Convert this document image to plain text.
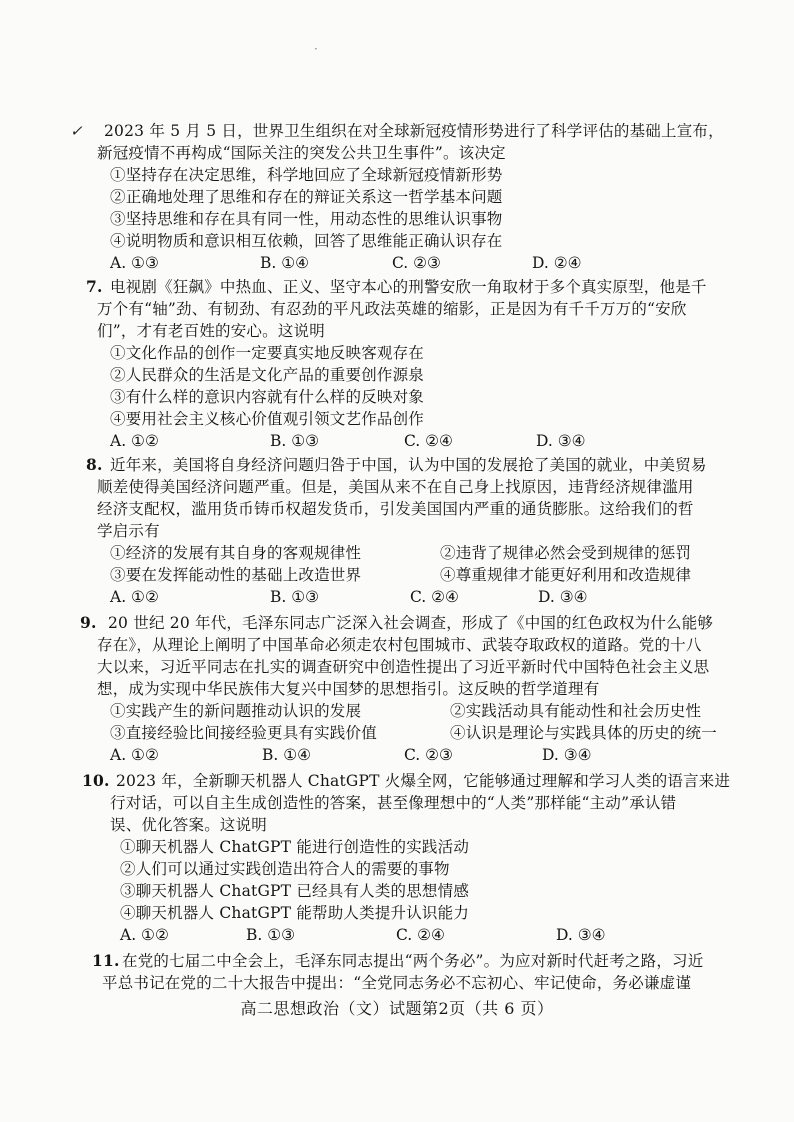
·
✓ 2023 年 5 月 5 日，世界卫生组织在对全球新冠疫情形势进行了科学评估的基础上宣布，
新冠疫情不再构成“国际关注的突发公共卫生事件”。该决定
①坚持存在决定思维，科学地回应了全球新冠疫情新形势
②正确地处理了思维和存在的辩证关系这一哲学基本问题
③坚持思维和存在具有同一性，用动态性的思维认识事物
④说明物质和意识相互依赖，回答了思维能正确认识存在
A. ①③	B. ①④	C. ②③	D. ②④
7. 电视剧《狂飙》中热血、正义、坚守本心的刑警安欣一角取材于多个真实原型，他是千
万个有“轴”劲、有韧劲、有忍劲的平凡政法英雄的缩影，正是因为有千千万万的“安欣
们”，才有老百姓的安心。这说明
①文化作品的创作一定要真实地反映客观存在
②人民群众的生活是文化产品的重要创作源泉
③有什么样的意识内容就有什么样的反映对象
④要用社会主义核心价值观引领文艺作品创作
A. ①②	B. ①③	C. ②④	D. ③④
8. 近年来，美国将自身经济问题归咎于中国，认为中国的发展抢了美国的就业，中美贸易
顺差使得美国经济问题严重。但是，美国从来不在自己身上找原因，违背经济规律滥用
经济支配权，滥用货币铸币权超发货币，引发美国国内严重的通货膨胀。这给我们的哲
学启示有
①经济的发展有其自身的客观规律性	②违背了规律必然会受到规律的惩罚
③要在发挥能动性的基础上改造世界	④尊重规律才能更好利用和改造规律
A. ①②	B. ①③	C. ②④	D. ③④
9. 20 世纪 20 年代，毛泽东同志广泛深入社会调查，形成了《中国的红色政权为什么能够
存在》，从理论上阐明了中国革命必须走农村包围城市、武装夺取政权的道路。党的十八
大以来，习近平同志在扎实的调查研究中创造性提出了习近平新时代中国特色社会主义思
想，成为实现中华民族伟大复兴中国梦的思想指引。这反映的哲学道理有
①实践产生的新问题推动认识的发展	②实践活动具有能动性和社会历史性
③直接经验比间接经验更具有实践价值	④认识是理论与实践具体的历史的统一
A. ①②	B. ①④	C. ②③	D. ③④
10. 2023 年，全新聊天机器人 ChatGPT 火爆全网，它能够通过理解和学习人类的语言来进
行对话，可以自主生成创造性的答案，甚至像理想中的“人类”那样能“主动”承认错
误、优化答案。这说明
①聊天机器人 ChatGPT 能进行创造性的实践活动
②人们可以通过实践创造出符合人的需要的事物
③聊天机器人 ChatGPT 已经具有人类的思想情感
④聊天机器人 ChatGPT 能帮助人类提升认识能力
A. ①②	B. ①③	C. ②④	D. ③④
11. 在党的七届二中全会上，毛泽东同志提出“两个务必”。为应对新时代赶考之路，习近
平总书记在党的二十大报告中提出：“全党同志务必不忘初心、牢记使命，务必谦虚谨
高二思想政治（文）试题第2页（共 6 页）
